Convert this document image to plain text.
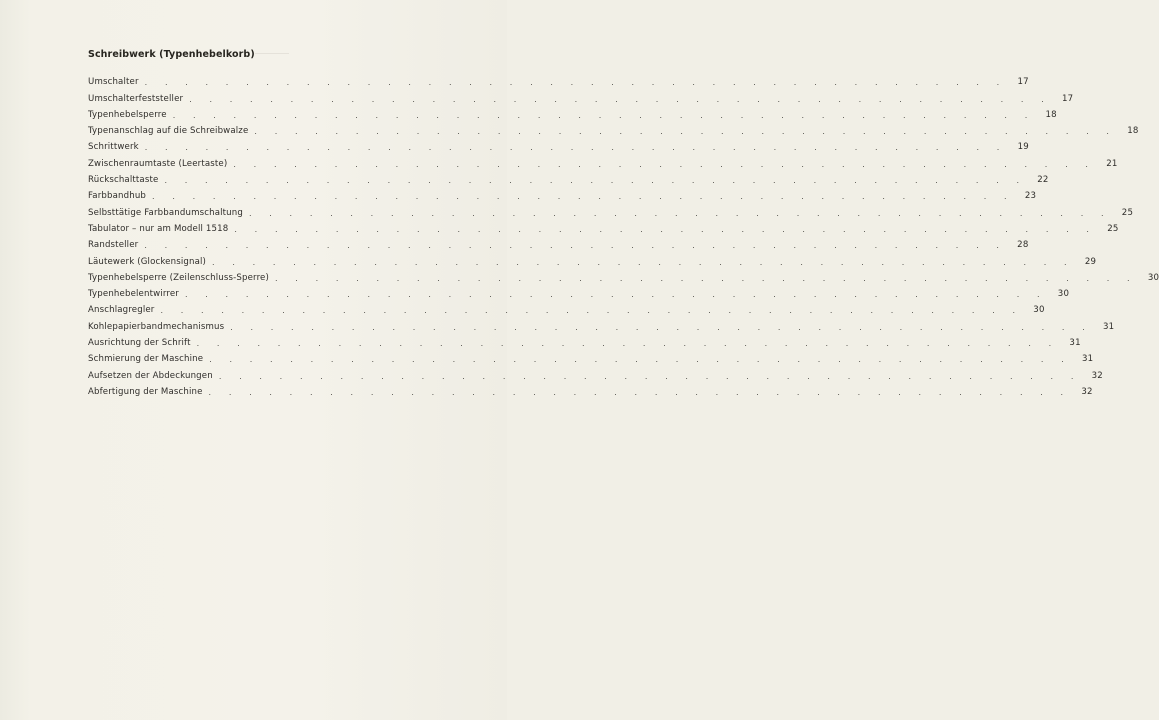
Schreibwerk (Typenhebelkorb)
Umschalter . . . . . . . . . . . . . . . . . . . . . . . . . . . . . . . . . . . . . . . . . . .	17
Umschalterfeststeller . . . . . . . . . . . . . . . . . . . . . . . . . . . . . . . . . . . . . . . . . . .	17
Typenhebelsperre . . . . . . . . . . . . . . . . . . . . . . . . . . . . . . . . . . . . . . . . . . .	18
Typenanschlag auf die Schreibwalze . . . . . . . . . . . . . . . . . . . . . . . . . . . . . . . . . . . . . . . . . . .	18
Schrittwerk . . . . . . . . . . . . . . . . . . . . . . . . . . . . . . . . . . . . . . . . . . .	19
Zwischenraumtaste (Leertaste) . . . . . . . . . . . . . . . . . . . . . . . . . . . . . . . . . . . . . . . . . . .	21
Rückschalttaste . . . . . . . . . . . . . . . . . . . . . . . . . . . . . . . . . . . . . . . . . . .	22
Farbbandhub . . . . . . . . . . . . . . . . . . . . . . . . . . . . . . . . . . . . . . . . . . .	23
Selbsttätige Farbbandumschaltung . . . . . . . . . . . . . . . . . . . . . . . . . . . . . . . . . . . . . . . . . . .	25
Tabulator – nur am Modell 1518 . . . . . . . . . . . . . . . . . . . . . . . . . . . . . . . . . . . . . . . . . . .	25
Randsteller . . . . . . . . . . . . . . . . . . . . . . . . . . . . . . . . . . . . . . . . . . .	28
Läutewerk (Glockensignal) . . . . . . . . . . . . . . . . . . . . . . . . . . . . . . . . . . . . . . . . . . .	29
Typenhebelsperre (Zeilenschluss-Sperre) . . . . . . . . . . . . . . . . . . . . . . . . . . . . . . . . . . . . . . . . . . .	30
Typenhebelentwirrer . . . . . . . . . . . . . . . . . . . . . . . . . . . . . . . . . . . . . . . . . . .	30
Anschlagregler . . . . . . . . . . . . . . . . . . . . . . . . . . . . . . . . . . . . . . . . . . .	30
Kohlepapierbandmechanismus . . . . . . . . . . . . . . . . . . . . . . . . . . . . . . . . . . . . . . . . . . .	31
Ausrichtung der Schrift . . . . . . . . . . . . . . . . . . . . . . . . . . . . . . . . . . . . . . . . . . .	31
Schmierung der Maschine . . . . . . . . . . . . . . . . . . . . . . . . . . . . . . . . . . . . . . . . . . .	31
Aufsetzen der Abdeckungen . . . . . . . . . . . . . . . . . . . . . . . . . . . . . . . . . . . . . . . . . . .	32
Abfertigung der Maschine . . . . . . . . . . . . . . . . . . . . . . . . . . . . . . . . . . . . . . . . . . .	32
